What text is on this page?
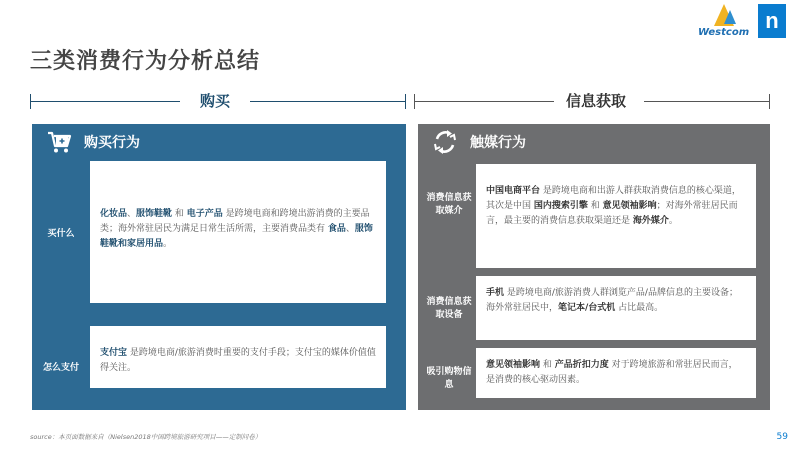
三类消费行为分析总结
Westcom n
购买	信息获取
购买行为
买什么
化妆品、服饰鞋靴 和 电子产品 是跨境电商和跨境出游消费的主要品类；海外常驻居民为满足日常生活所需，主要消费品类有 食品、服饰鞋靴和家居用品。
怎么支付
支付宝 是跨境电商/旅游消费时重要的支付手段；支付宝的媒体价值值得关注。
触媒行为
消费信息获取媒介
中国电商平台 是跨境电商和出游人群获取消费信息的核心渠道，其次是中国 国内搜索引擎 和 意见领袖影响；对海外常驻居民而言，最主要的消费信息获取渠道还是 海外媒介。
消费信息获取设备
手机 是跨境电商/旅游消费人群浏览产品/品牌信息的主要设备；海外常驻居民中，笔记本/台式机 占比最高。
吸引购物信息
意见领袖影响 和 产品折扣力度 对于跨境旅游和常驻居民而言，是消费的核心驱动因素。
source：本页面数据来自（Nielsen2018中国跨境旅游研究项目——定制问卷）	59
